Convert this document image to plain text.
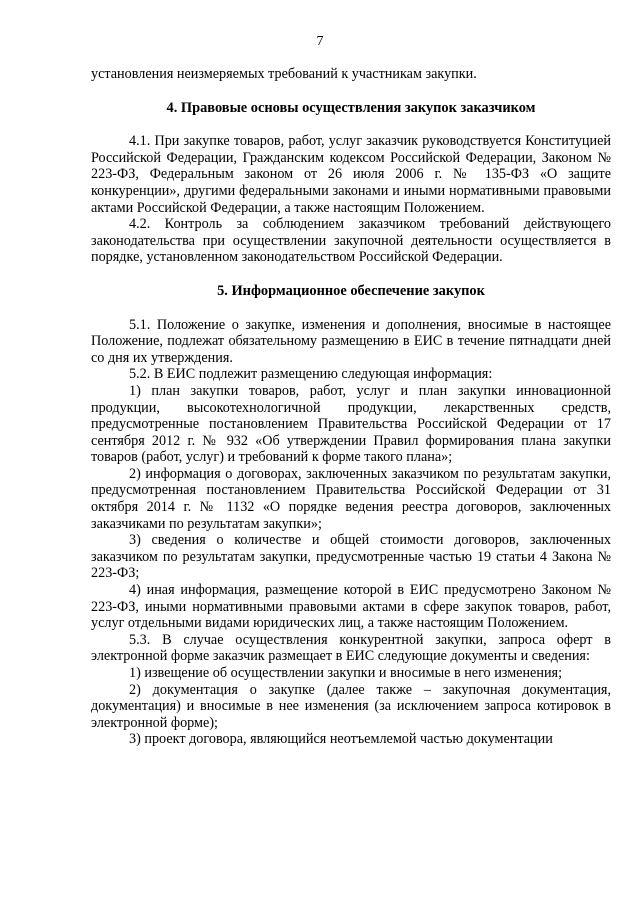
7

установления неизмеряемых требований к участникам закупки.

4. Правовые основы осуществления закупок заказчиком

4.1. При закупке товаров, работ, услуг заказчик руководствуется Конституцией Российской Федерации, Гражданским кодексом Российской Федерации, Законом № 223-ФЗ, Федеральным законом от 26 июля 2006 г. № 135-ФЗ «О защите конкуренции», другими федеральными законами и иными нормативными правовыми актами Российской Федерации, а также настоящим Положением.

4.2. Контроль за соблюдением заказчиком требований действующего законодательства при осуществлении закупочной деятельности осуществляется в порядке, установленном законодательством Российской Федерации.

5. Информационное обеспечение закупок

5.1. Положение о закупке, изменения и дополнения, вносимые в настоящее Положение, подлежат обязательному размещению в ЕИС в течение пятнадцати дней со дня их утверждения.

5.2. В ЕИС подлежит размещению следующая информация:

1) план закупки товаров, работ, услуг и план закупки инновационной продукции, высокотехнологичной продукции, лекарственных средств, предусмотренные постановлением Правительства Российской Федерации от 17 сентября 2012 г. № 932 «Об утверждении Правил формирования плана закупки товаров (работ, услуг) и требований к форме такого плана»;

2) информация о договорах, заключенных заказчиком по результатам закупки, предусмотренная постановлением Правительства Российской Федерации от 31 октября 2014 г. № 1132 «О порядке ведения реестра договоров, заключенных заказчиками по результатам закупки»;

3) сведения о количестве и общей стоимости договоров, заключенных заказчиком по результатам закупки, предусмотренные частью 19 статьи 4 Закона № 223-ФЗ;

4) иная информация, размещение которой в ЕИС предусмотрено Законом № 223-ФЗ, иными нормативными правовыми актами в сфере закупок товаров, работ, услуг отдельными видами юридических лиц, а также настоящим Положением.

5.3. В случае осуществления конкурентной закупки, запроса оферт в электронной форме заказчик размещает в ЕИС следующие документы и сведения:

1) извещение об осуществлении закупки и вносимые в него изменения;

2) документация о закупке (далее также – закупочная документация, документация) и вносимые в нее изменения (за исключением запроса котировок в электронной форме);

3) проект договора, являющийся неотъемлемой частью документации
